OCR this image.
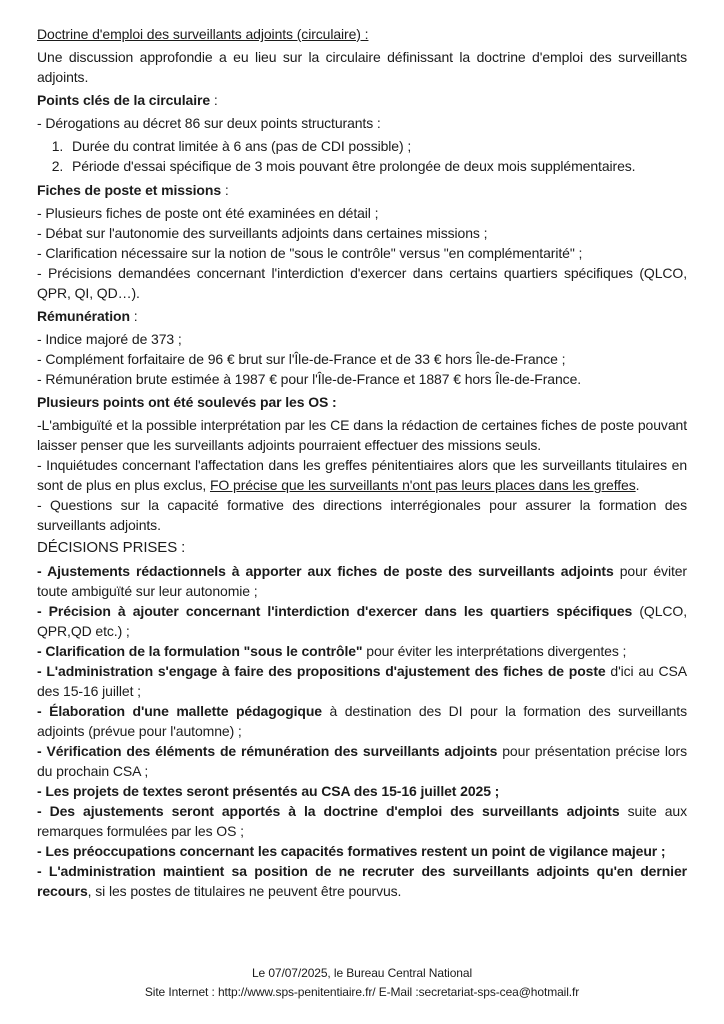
Doctrine d'emploi des surveillants adjoints (circulaire) :

Une discussion approfondie a eu lieu sur la circulaire définissant la doctrine d'emploi des surveillants adjoints.

Points clés de la circulaire :

- Dérogations au décret 86 sur deux points structurants :

1. Durée du contrat limitée à 6 ans (pas de CDI possible) ;
2. Période d'essai spécifique de 3 mois pouvant être prolongée de deux mois supplémentaires.

Fiches de poste et missions :

- Plusieurs fiches de poste ont été examinées en détail ;

- Débat sur l'autonomie des surveillants adjoints dans certaines missions ;

- Clarification nécessaire sur la notion de "sous le contrôle" versus "en complémentarité" ;

- Précisions demandées concernant l'interdiction d'exercer dans certains quartiers spécifiques (QLCO, QPR, QI, QD…).

Rémunération :

- Indice majoré de 373 ;

- Complément forfaitaire de 96 € brut sur l'Île-de-France et de 33 € hors Île-de-France ;

- Rémunération brute estimée à 1987 € pour l'Île-de-France et 1887 € hors Île-de-France.

Plusieurs points ont été soulevés par les OS :

-L'ambiguïté et la possible interprétation par les CE dans la rédaction de certaines fiches de poste pouvant laisser penser que les surveillants adjoints pourraient effectuer des missions seuls.

- Inquiétudes concernant l'affectation dans les greffes pénitentiaires alors que les surveillants titulaires en sont de plus en plus exclus, FO précise que les surveillants n'ont pas leurs places dans les greffes.

- Questions sur la capacité formative des directions interrégionales pour assurer la formation des surveillants adjoints.

DÉCISIONS PRISES :

- Ajustements rédactionnels à apporter aux fiches de poste des surveillants adjoints pour éviter toute ambiguïté sur leur autonomie ;

- Précision à ajouter concernant l'interdiction d'exercer dans les quartiers spécifiques (QLCO, QPR,QD etc.) ;

- Clarification de la formulation "sous le contrôle" pour éviter les interprétations divergentes ;

- L'administration s'engage à faire des propositions d'ajustement des fiches de poste d'ici au CSA des 15-16 juillet ;

- Élaboration d'une mallette pédagogique à destination des DI pour la formation des surveillants adjoints (prévue pour l'automne) ;

- Vérification des éléments de rémunération des surveillants adjoints pour présentation précise lors du prochain CSA ;

- Les projets de textes seront présentés au CSA des 15-16 juillet 2025 ;

- Des ajustements seront apportés à la doctrine d'emploi des surveillants adjoints suite aux remarques formulées par les OS ;

- Les préoccupations concernant les capacités formatives restent un point de vigilance majeur ;

- L'administration maintient sa position de ne recruter des surveillants adjoints qu'en dernier recours, si les postes de titulaires ne peuvent être pourvus.

Le 07/07/2025, le Bureau Central National

Site Internet : http://www.sps-penitentiaire.fr/ E-Mail :secretariat-sps-cea@hotmail.fr
